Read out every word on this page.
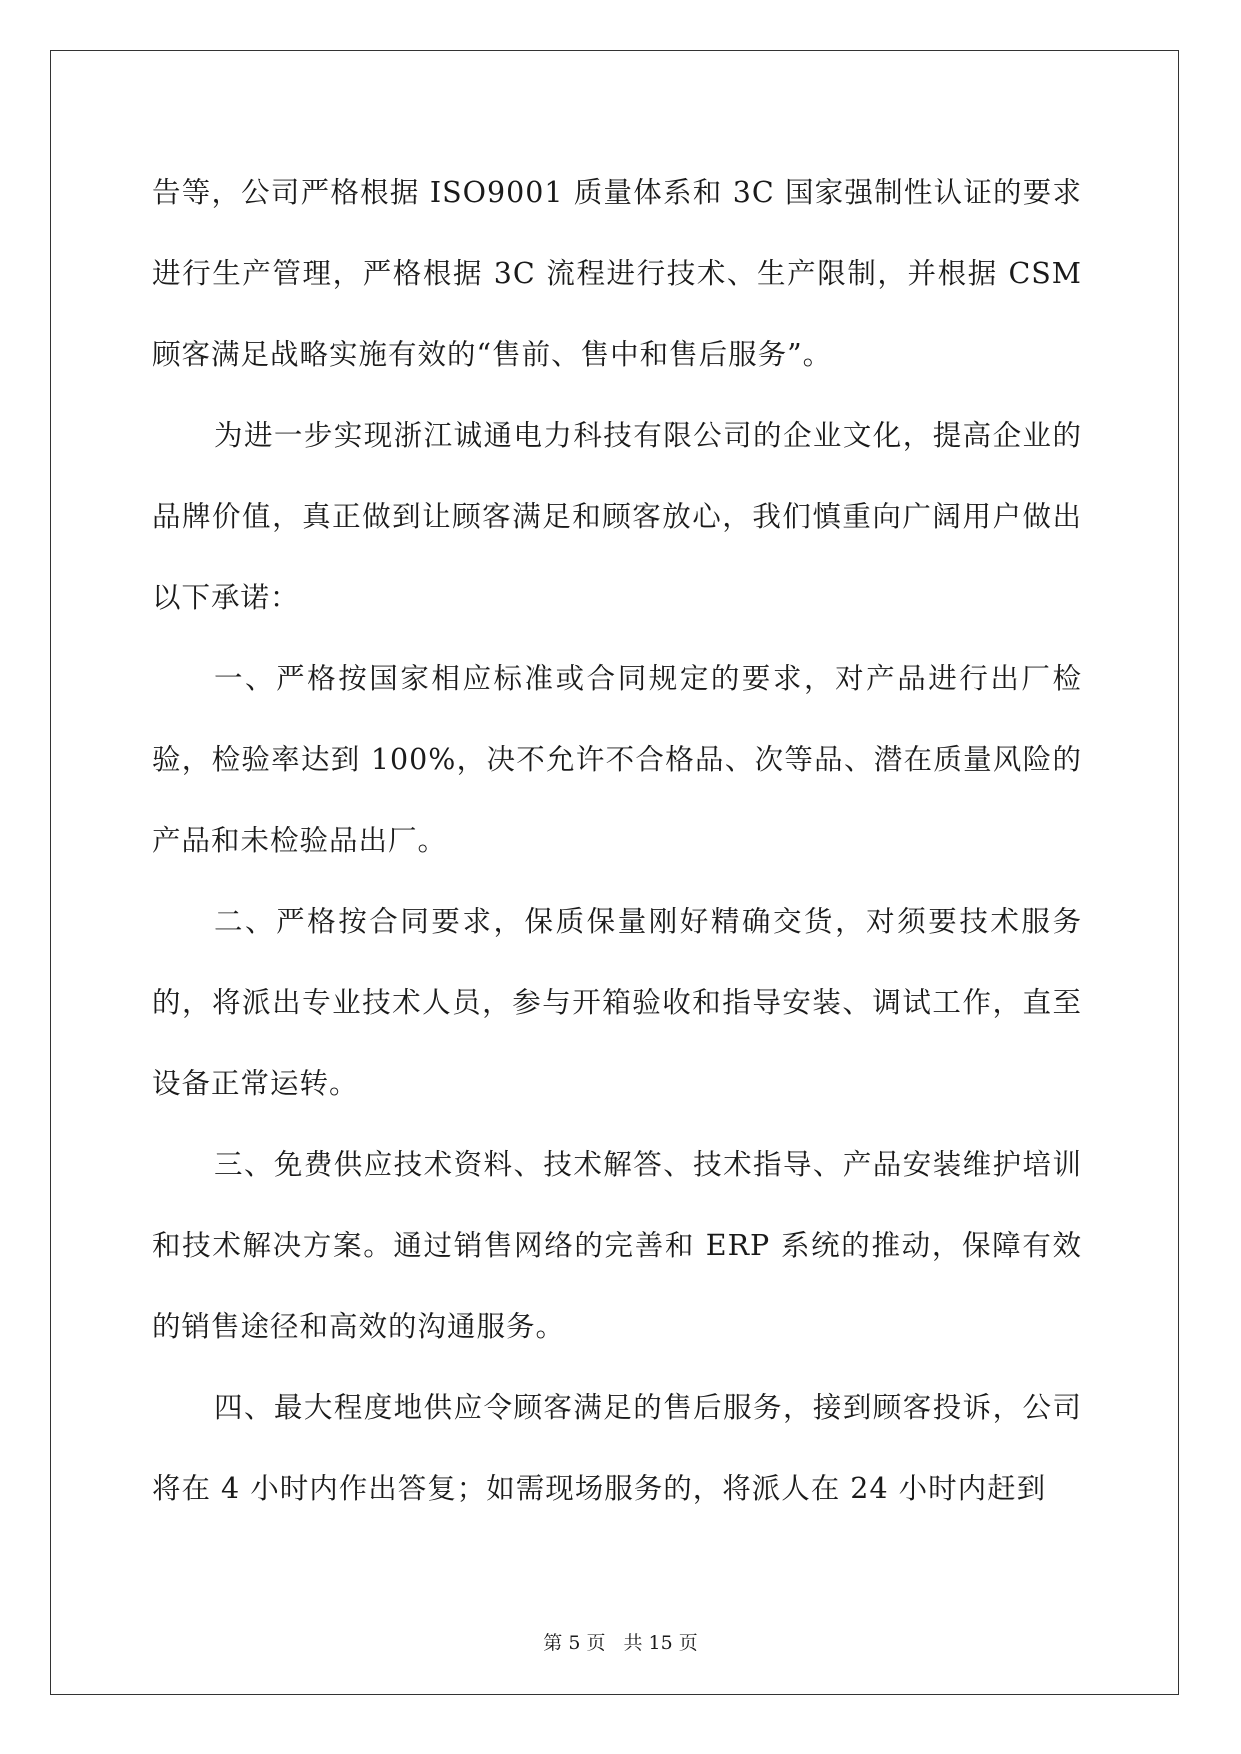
告等，公司严格根据 ISO9001 质量体系和 3C 国家强制性认证的要求进行生产管理，严格根据 3C 流程进行技术、生产限制，并根据 CSM 顾客满足战略实施有效的“售前、售中和售后服务”。

为进一步实现浙江诚通电力科技有限公司的企业文化，提高企业的品牌价值，真正做到让顾客满足和顾客放心，我们慎重向广阔用户做出以下承诺：

一、严格按国家相应标准或合同规定的要求，对产品进行出厂检验，检验率达到 100%，决不允许不合格品、次等品、潜在质量风险的产品和未检验品出厂。

二、严格按合同要求，保质保量刚好精确交货，对须要技术服务的，将派出专业技术人员，参与开箱验收和指导安装、调试工作，直至设备正常运转。

三、免费供应技术资料、技术解答、技术指导、产品安装维护培训和技术解决方案。通过销售网络的完善和 ERP 系统的推动，保障有效的销售途径和高效的沟通服务。

四、最大程度地供应令顾客满足的售后服务，接到顾客投诉，公司将在 4 小时内作出答复；如需现场服务的，将派人在 24 小时内赶到

第 5 页 共 15 页
